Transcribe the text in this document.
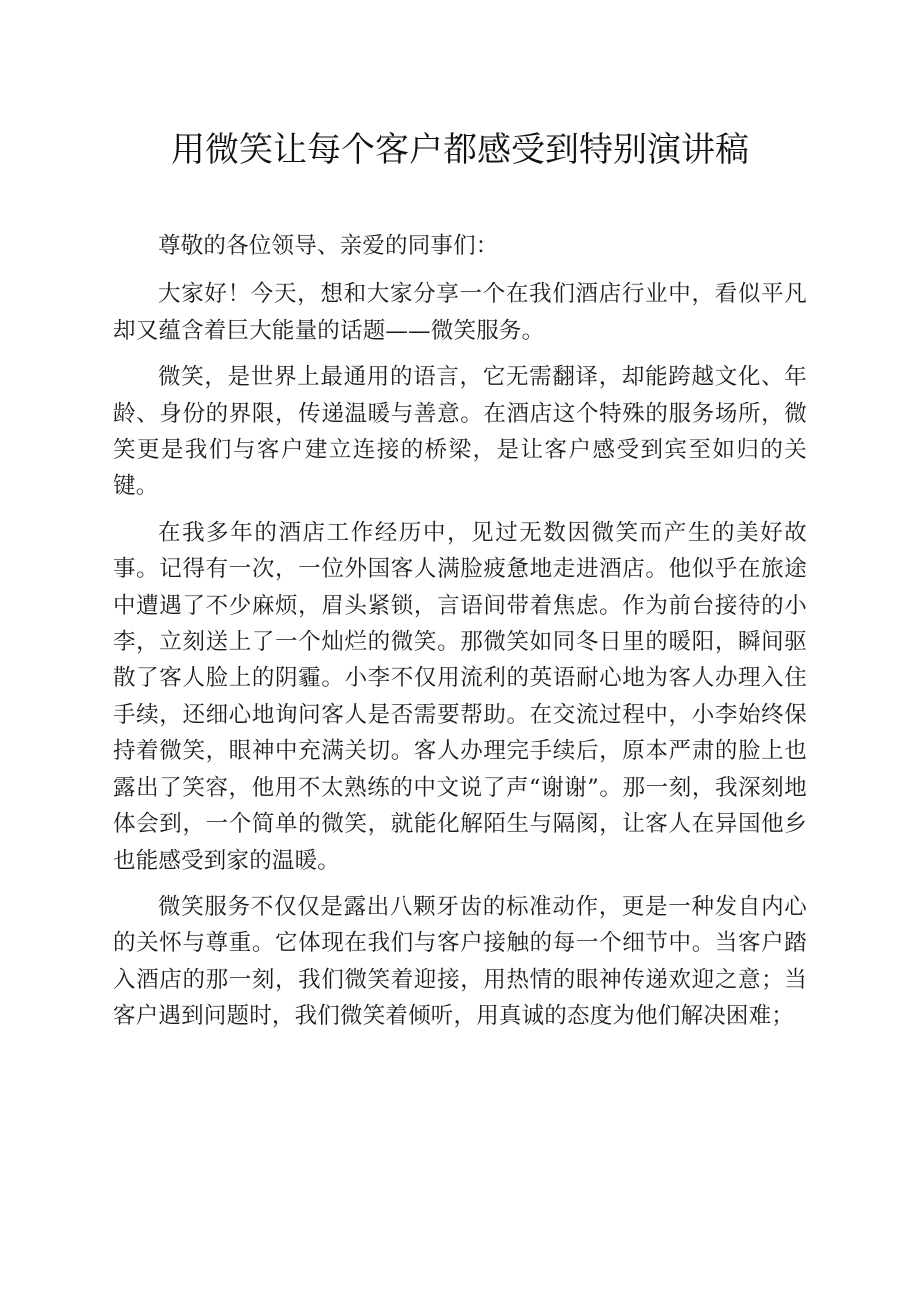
用微笑让每个客户都感受到特别演讲稿

尊敬的各位领导、亲爱的同事们：

大家好！今天，想和大家分享一个在我们酒店行业中，看似平凡却又蕴含着巨大能量的话题——微笑服务。

微笑，是世界上最通用的语言，它无需翻译，却能跨越文化、年龄、身份的界限，传递温暖与善意。在酒店这个特殊的服务场所，微笑更是我们与客户建立连接的桥梁，是让客户感受到宾至如归的关键。

在我多年的酒店工作经历中，见过无数因微笑而产生的美好故事。记得有一次，一位外国客人满脸疲惫地走进酒店。他似乎在旅途中遭遇了不少麻烦，眉头紧锁，言语间带着焦虑。作为前台接待的小李，立刻送上了一个灿烂的微笑。那微笑如同冬日里的暖阳，瞬间驱散了客人脸上的阴霾。小李不仅用流利的英语耐心地为客人办理入住手续，还细心地询问客人是否需要帮助。在交流过程中，小李始终保持着微笑，眼神中充满关切。客人办理完手续后，原本严肃的脸上也露出了笑容，他用不太熟练的中文说了声“谢谢”。那一刻，我深刻地体会到，一个简单的微笑，就能化解陌生与隔阂，让客人在异国他乡也能感受到家的温暖。

微笑服务不仅仅是露出八颗牙齿的标准动作，更是一种发自内心的关怀与尊重。它体现在我们与客户接触的每一个细节中。当客户踏入酒店的那一刻，我们微笑着迎接，用热情的眼神传递欢迎之意；当客户遇到问题时，我们微笑着倾听，用真诚的态度为他们解决困难；
